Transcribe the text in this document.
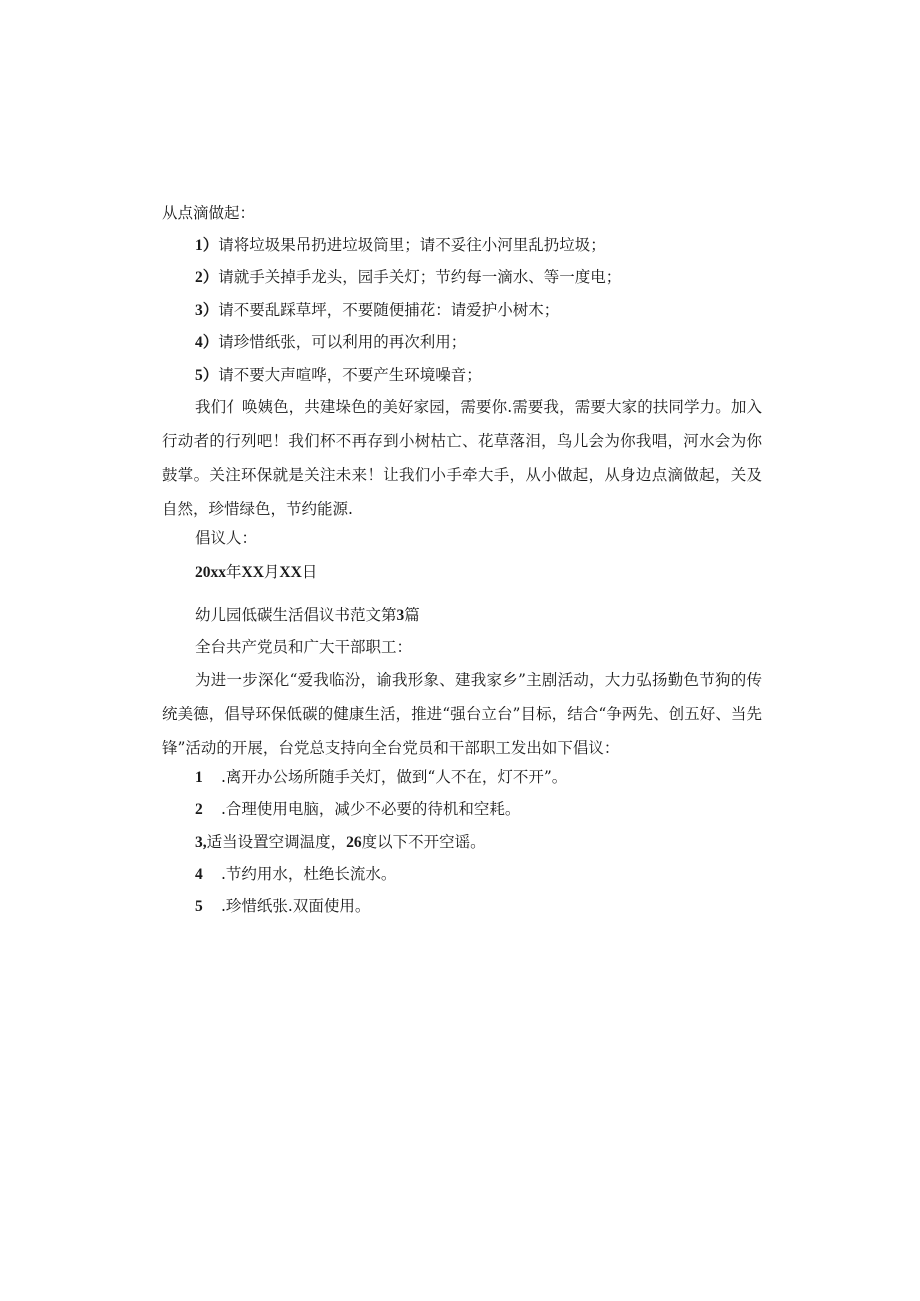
从点滴做起：
1）请将垃圾果吊扔进垃圾筒里；请不妥往小河里乱扔垃圾；
2）请就手关掉手龙头，园手关灯；节约每一滴水、等一度电；
3）请不要乱踩草坪，不要随便捕花：请爱护小树木；
4）请珍惜纸张，可以利用的再次利用；
5）请不要大声喧哗，不要产生环境噪音；
我们亻唤姨色，共建垛色的美好家园，需要你.需要我，需要大家的扶同学力。加入行动者的行列吧！我们杯不再存到小树枯亡、花草落泪，鸟儿会为你我唱，河水会为你鼓掌。关注环保就是关注未来！让我们小手牵大手，从小做起，从身边点滴做起，关及自然，珍惜绿色，节约能源.
倡议人：
20xx年XX月XX日
幼儿园低碳生活倡议书范文第3篇
全台共产党员和广大干部职工：
为进一步深化“爱我临汾，谕我形象、建我家乡”主剧活动，大力弘扬勤色节狗的传统美德，倡导环保低碳的健康生活，推进“强台立台”目标，结合“争两先、创五好、当先锋”活动的开展，台党总支持向全台党员和干部职工发出如下倡议：
1 .离开办公场所随手关灯，做到“人不在，灯不开”。
2 .合理使用电脑，减少不必要的待机和空耗。
3,适当设置空调温度，26度以下不开空谣。
4 .节约用水，杜绝长流水。
5 .珍惜纸张.双面使用。
